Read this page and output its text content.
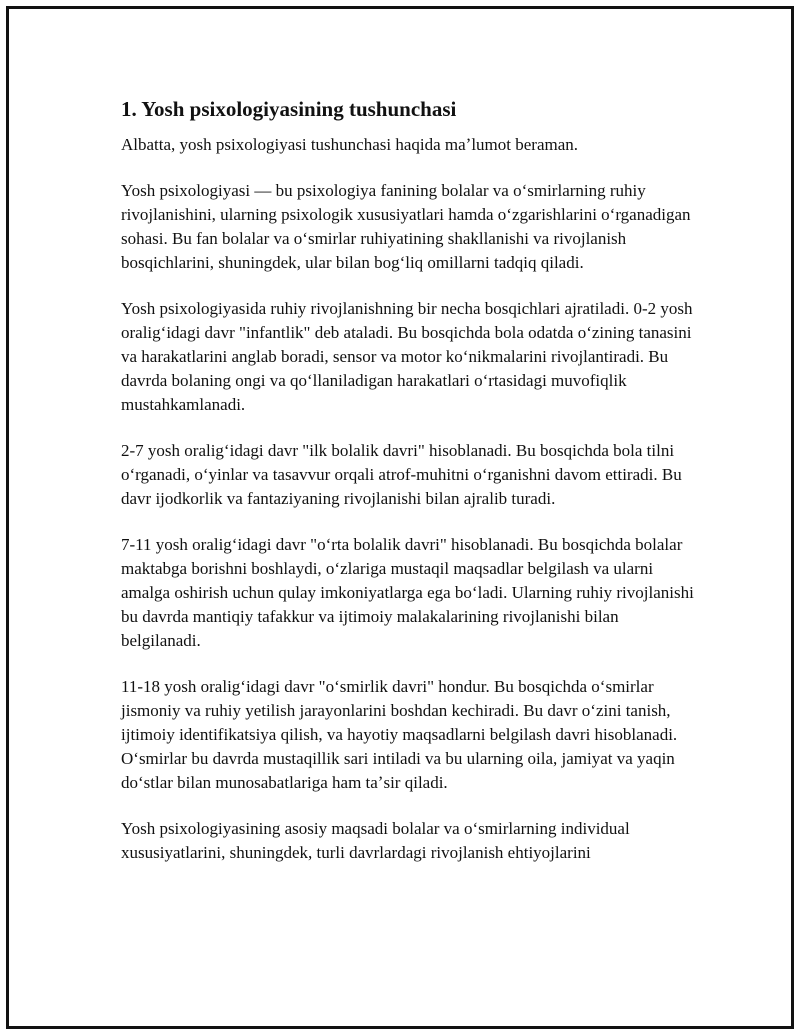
1. Yosh psixologiyasining tushunchasi

Albatta, yosh psixologiyasi tushunchasi haqida maʼlumot beraman.

Yosh psixologiyasi — bu psixologiya fanining bolalar va oʻsmirlarning ruhiy rivojlanishini, ularning psixologik xususiyatlari hamda oʻzgarishlarini oʻrganadigan sohasi. Bu fan bolalar va oʻsmirlar ruhiyatining shakllanishi va rivojlanish bosqichlarini, shuningdek, ular bilan bogʻliq omillarni tadqiq qiladi.

Yosh psixologiyasida ruhiy rivojlanishning bir necha bosqichlari ajratiladi. 0-2 yosh oraligʻidagi davr "infantlik" deb ataladi. Bu bosqichda bola odatda oʻzining tanasini va harakatlarini anglab boradi, sensor va motor koʻnikmalarini rivojlantiradi. Bu davrda bolaning ongi va qoʻllaniladigan harakatlari oʻrtasidagi muvofiqlik mustahkamlanadi.

2-7 yosh oraligʻidagi davr "ilk bolalik davri" hisoblanadi. Bu bosqichda bola tilni oʻrganadi, oʻyinlar va tasavvur orqali atrof-muhitni oʻrganishni davom ettiradi. Bu davr ijodkorlik va fantaziyaning rivojlanishi bilan ajralib turadi.

7-11 yosh oraligʻidagi davr "oʻrta bolalik davri" hisoblanadi. Bu bosqichda bolalar maktabga borishni boshlaydi, oʻzlariga mustaqil maqsadlar belgilash va ularni amalga oshirish uchun qulay imkoniyatlarga ega boʻladi. Ularning ruhiy rivojlanishi bu davrda mantiqiy tafakkur va ijtimoiy malakalarining rivojlanishi bilan belgilanadi.

11-18 yosh oraligʻidagi davr "oʻsmirlik davri" hondur. Bu bosqichda oʻsmirlar jismoniy va ruhiy yetilish jarayonlarini boshdan kechiradi. Bu davr oʻzini tanish, ijtimoiy identifikatsiya qilish, va hayotiy maqsadlarni belgilash davri hisoblanadi. Oʻsmirlar bu davrda mustaqillik sari intiladi va bu ularning oila, jamiyat va yaqin doʻstlar bilan munosabatlariga ham taʼsir qiladi.

Yosh psixologiyasining asosiy maqsadi bolalar va oʻsmirlarning individual xususiyatlarini, shuningdek, turli davrlardagi rivojlanish ehtiyojlarini
